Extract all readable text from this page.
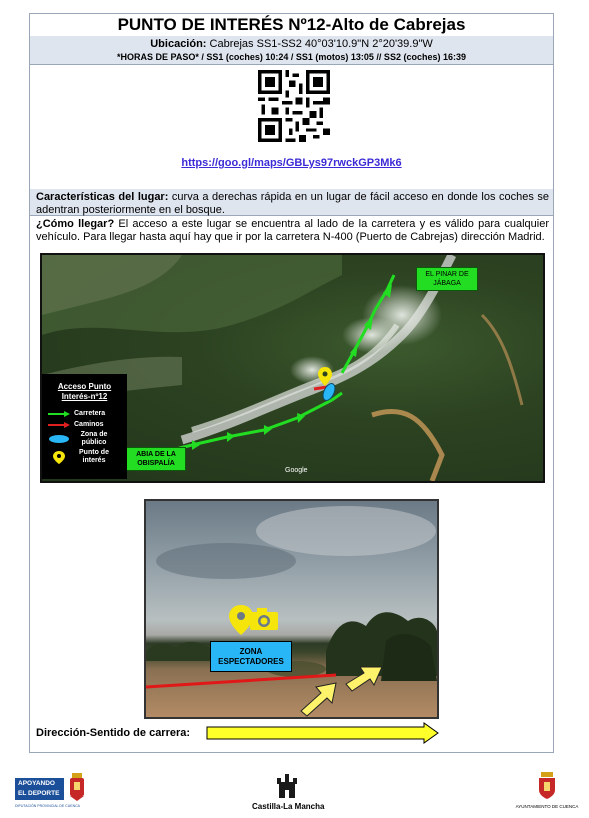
PUNTO DE INTERÉS Nº12-Alto de Cabrejas
Ubicación: Cabrejas SS1-SS2 40°03'10.9"N 2°20'39.9"W
*HORAS DE PASO* / SS1 (coches) 10:24 / SS1 (motos) 13:05 // SS2 (coches) 16:39
https://goo.gl/maps/GBLys97rwckGP3Mk6
Características del lugar: curva a derechas rápida en un lugar de fácil acceso en donde los coches se adentran posteriormente en el bosque.
¿Cómo llegar? El acceso a este lugar se encuentra al lado de la carretera y es válido para cualquier vehículo. Para llegar hasta aquí hay que ir por la carretera N-400 (Puerto de Cabrejas) dirección Madrid.
EL PINAR DE JÁBAGA
ABIA DE LA OBISPALÍA
Google
Acceso Punto Interés-nº12
Carretera
Caminos
Zona de público
Punto de interés
ZONA ESPECTADORES
Dirección-Sentido de carrera:
APOYANDO
EL DEPORTE
DIPUTACIÓN PROVINCIAL DE CUENCA	Castilla-La Mancha	AYUNTAMIENTO DE CUENCA
